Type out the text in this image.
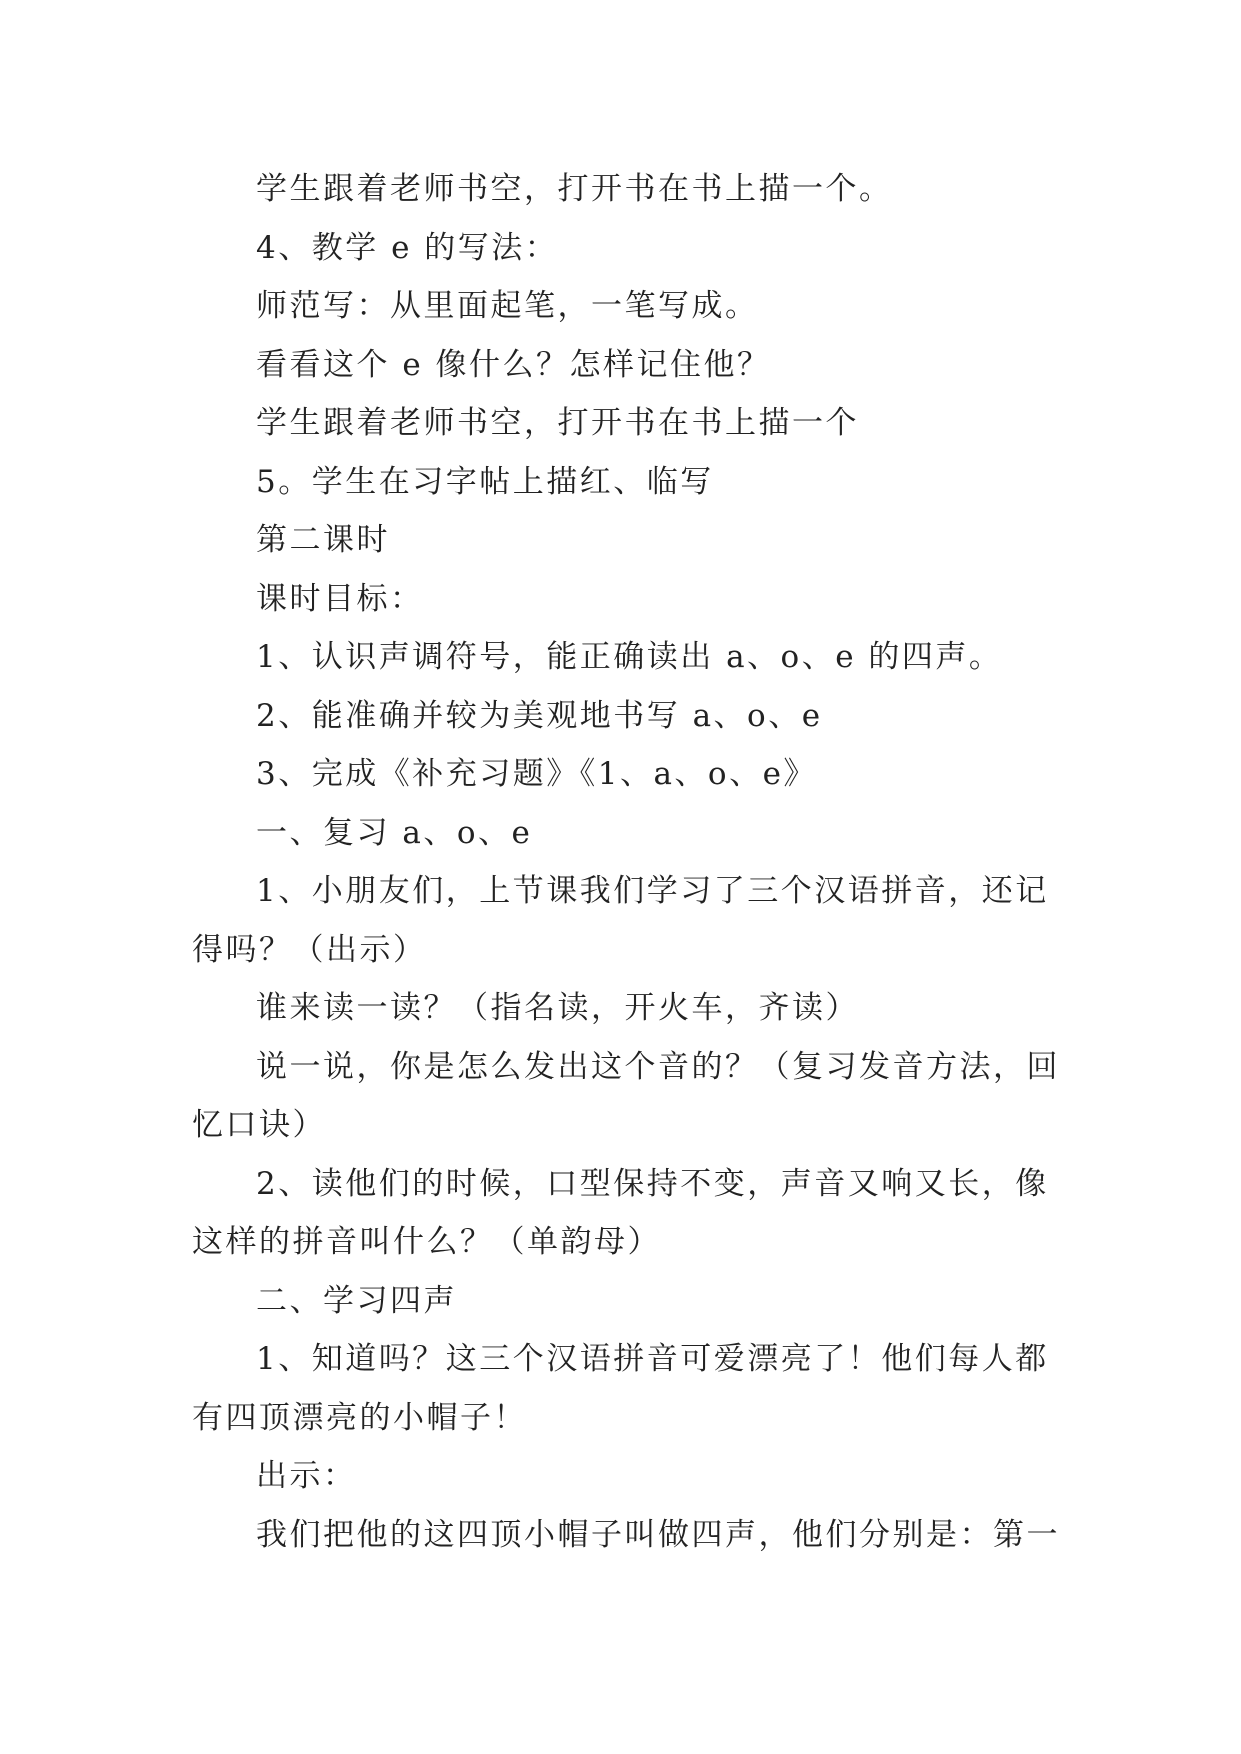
学生跟着老师书空，打开书在书上描一个。

4、教学 e 的写法：

师范写：从里面起笔，一笔写成。

看看这个 e 像什么？怎样记住他？

学生跟着老师书空，打开书在书上描一个

5。学生在习字帖上描红、临写

第二课时

课时目标：

1、认识声调符号，能正确读出 a、o、e 的四声。

2、能准确并较为美观地书写 a、o、e

3、完成《补充习题》《1、a、o、e》

一、复习 a、o、e

1、小朋友们，上节课我们学习了三个汉语拼音，还记得吗？（出示）

谁来读一读？（指名读，开火车，齐读）

说一说，你是怎么发出这个音的？（复习发音方法，回忆口诀）

2、读他们的时候，口型保持不变，声音又响又长，像这样的拼音叫什么？（单韵母）

二、学习四声

1、知道吗？这三个汉语拼音可爱漂亮了！他们每人都有四顶漂亮的小帽子！

出示：

我们把他的这四顶小帽子叫做四声，他们分别是：第一
